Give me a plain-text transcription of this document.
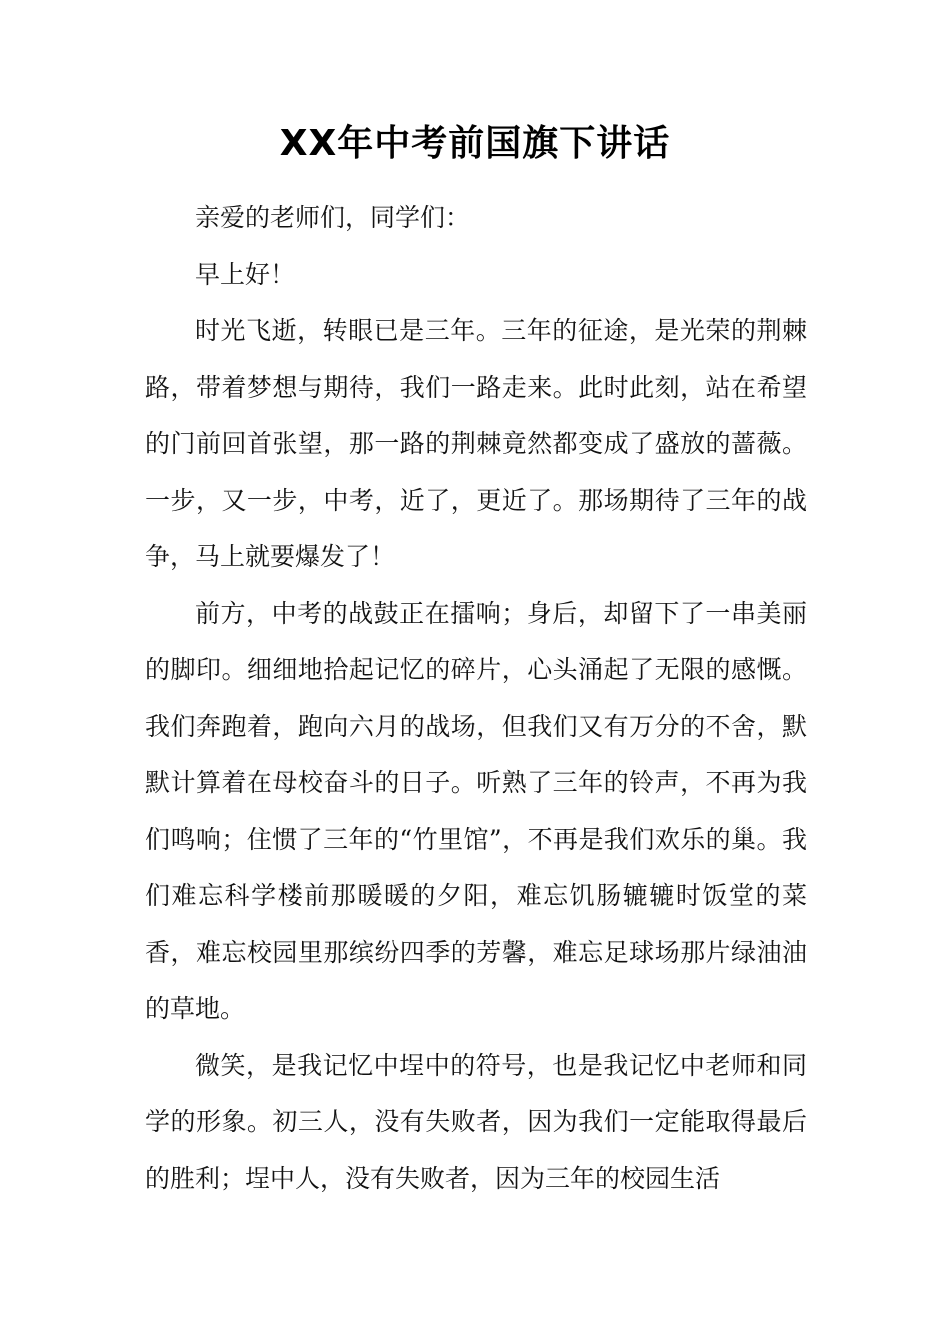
XX年中考前国旗下讲话

亲爱的老师们，同学们：

早上好！

时光飞逝，转眼已是三年。三年的征途，是光荣的荆棘路，带着梦想与期待，我们一路走来。此时此刻，站在希望的门前回首张望，那一路的荆棘竟然都变成了盛放的蔷薇。一步，又一步，中考，近了，更近了。那场期待了三年的战争，马上就要爆发了！

前方，中考的战鼓正在擂响；身后，却留下了一串美丽的脚印。细细地拾起记忆的碎片，心头涌起了无限的感慨。我们奔跑着，跑向六月的战场，但我们又有万分的不舍，默默计算着在母校奋斗的日子。听熟了三年的铃声，不再为我们鸣响；住惯了三年的“竹里馆”，不再是我们欢乐的巢。我们难忘科学楼前那暖暖的夕阳，难忘饥肠辘辘时饭堂的菜香，难忘校园里那缤纷四季的芳馨，难忘足球场那片绿油油的草地。

微笑，是我记忆中埕中的符号，也是我记忆中老师和同学的形象。初三人，没有失败者，因为我们一定能取得最后的胜利；埕中人，没有失败者，因为三年的校园生活
